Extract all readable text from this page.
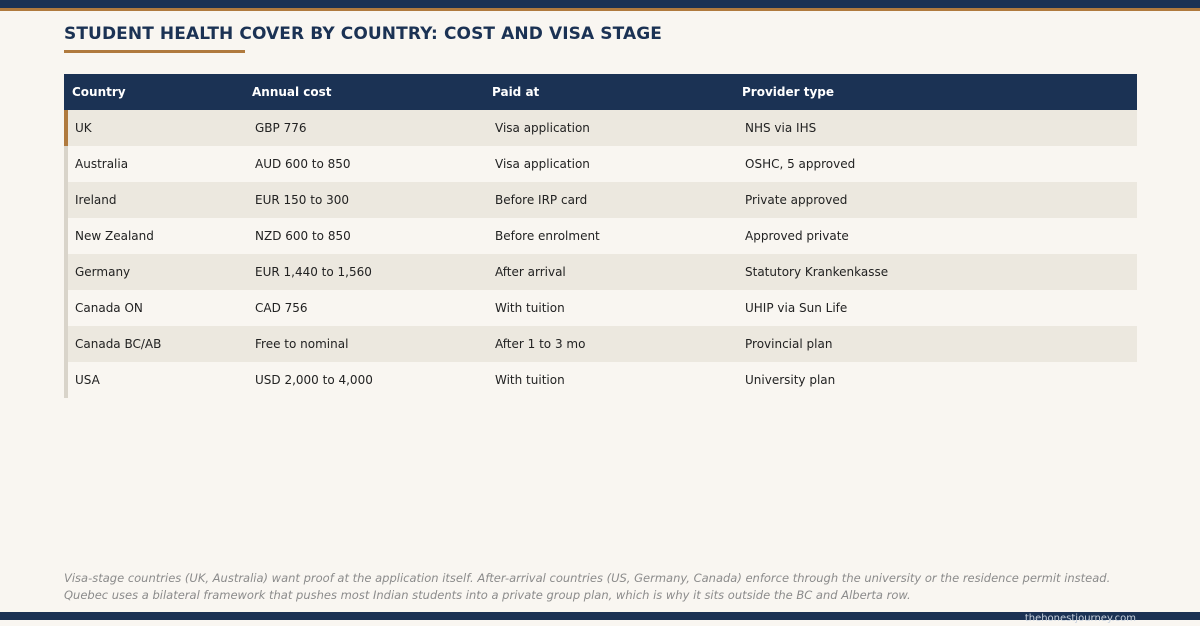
STUDENT HEALTH COVER BY COUNTRY: COST AND VISA STAGE
Country	Annual cost	Paid at	Provider type
UK	GBP 776	Visa application	NHS via IHS
Australia	AUD 600 to 850	Visa application	OSHC, 5 approved
Ireland	EUR 150 to 300	Before IRP card	Private approved
New Zealand	NZD 600 to 850	Before enrolment	Approved private
Germany	EUR 1,440 to 1,560	After arrival	Statutory Krankenkasse
Canada ON	CAD 756	With tuition	UHIP via Sun Life
Canada BC/AB	Free to nominal	After 1 to 3 mo	Provincial plan
USA	USD 2,000 to 4,000	With tuition	University plan

Visa-stage countries (UK, Australia) want proof at the application itself. After-arrival countries (US, Germany, Canada) enforce through the university or the residence permit instead. Quebec uses a bilateral framework that pushes most Indian students into a private group plan, which is why it sits outside the BC and Alberta row.

thehonestjourney.com
